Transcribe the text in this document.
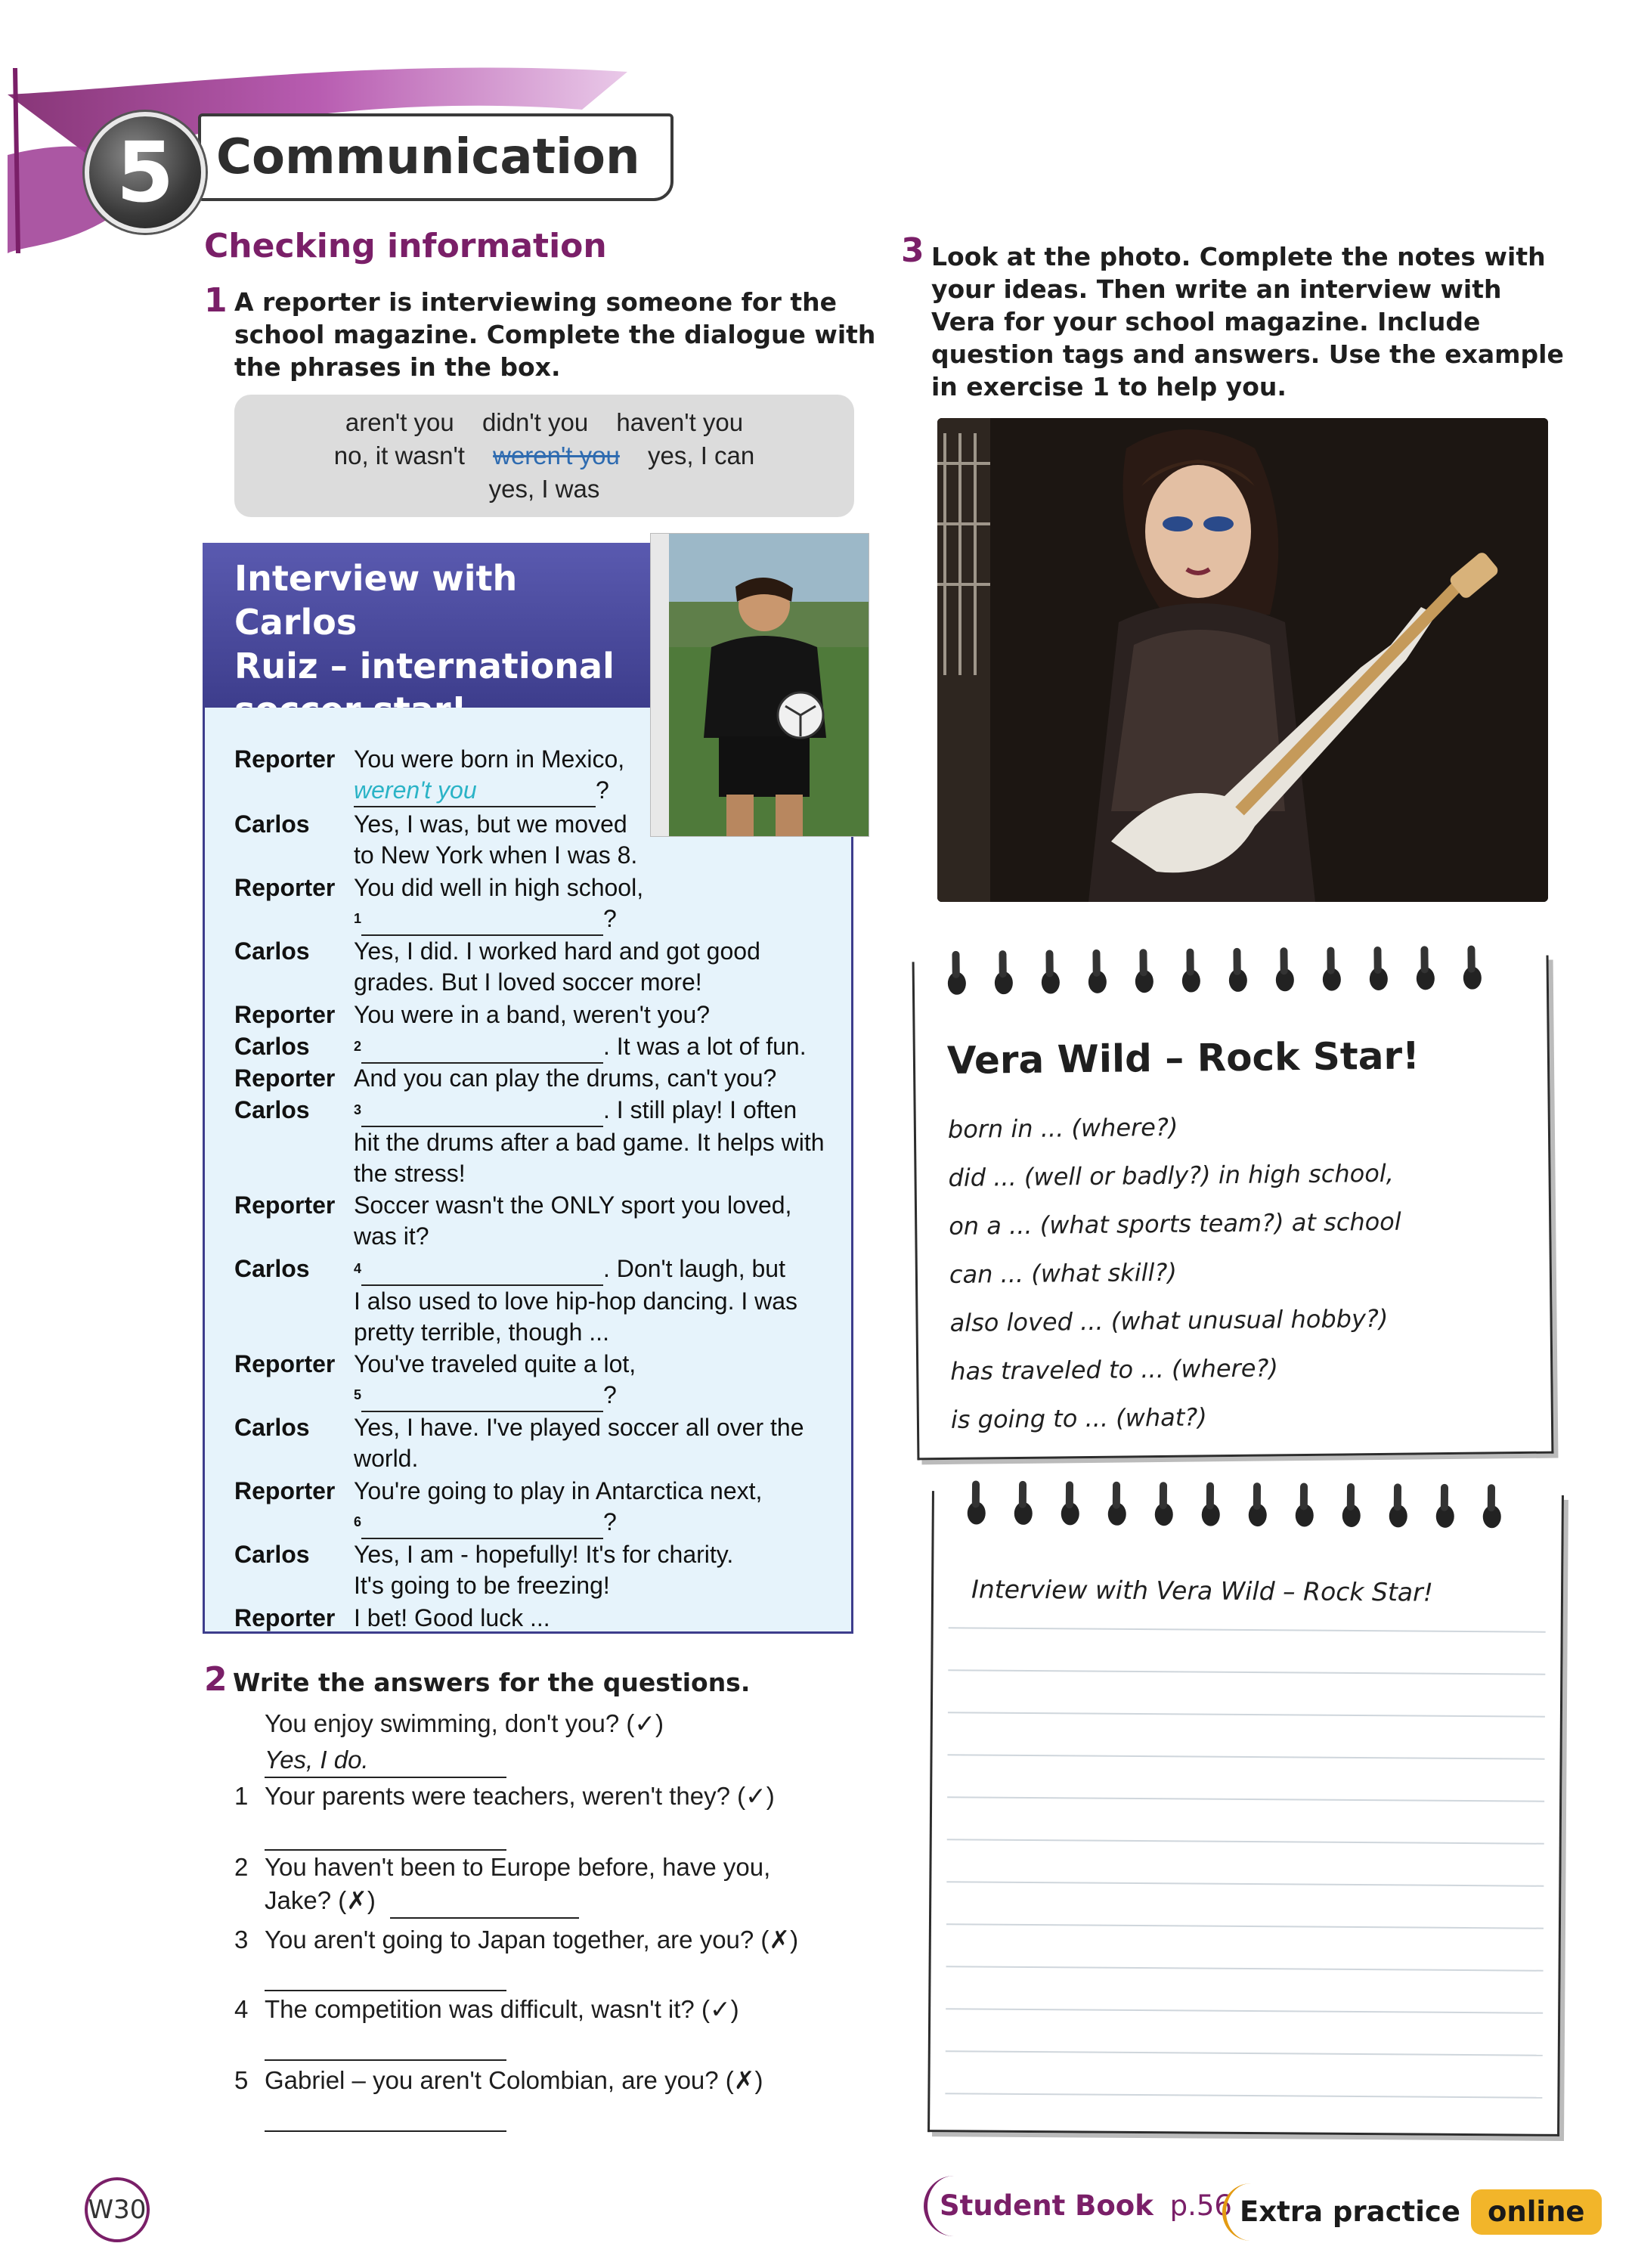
Communication
5
Checking information
1 A reporter is interviewing someone for the
school magazine. Complete the dialogue with
the phrases in the box.
aren't you didn't you haven't you
no, it wasn't weren't you yes, I can
yes, I was
Interview with Carlos
Ruiz – international
Reporter You were born in Mexico,
weren't you	?
Carlos Yes, I was, but we moved
to New York when I was 8.
Reporter You did well in high school,
$^1$	?
Carlos Yes, I did. I worked hard and got good
grades. But I loved soccer more!
Reporter You were in a band, weren't you?
Carlos	$^2$	. It was a lot of fun.
Reporter And you can play the drums, can't you?
Carlos	$^3$	. I still play! I often
hit the drums after a bad game. It helps with
the stress!
Reporter Soccer wasn't the ONLY sport you loved,
was it?
Carlos	$^4$	. Don't laugh, but
I also used to love hip-hop dancing. I was
pretty terrible, though ...
Reporter You've traveled quite a lot,
$^5$	?
Carlos Yes, I have. I've played soccer all over the
world.
Reporter You're going to play in Antarctica next,
$^6$	?
Carlos Yes, I am - hopefully! It's for charity.
It's going to be freezing!
Reporter I bet! Good luck ...
2 Write the answers for the questions.
You enjoy swimming, don't you? (✓)
Yes, I do.
1 Your parents were teachers, weren't they? (✓)
2 You haven't been to Europe before, have you,
Jake? (✗)
3 You aren't going to Japan together, are you? (✗)
4 The competition was difficult, wasn't it? (✓)
5 Gabriel – you aren't Colombian, are you? (✗)
3 Look at the photo. Complete the notes with
your ideas. Then write an interview with
Vera for your school magazine. Include
question tags and answers. Use the example
in exercise 1 to help you.
Vera Wild – Rock Star!
born in ... (where?)
did ... (well or badly?) in high school,
on a ... (what sports team?) at school
can ... (what skill?)
also loved ... (what unusual hobby?)
has traveled to ... (where?)
is going to ... (what?)
Interview with Vera Wild – Rock Star!
W30	Student Book p.56 Extra practice online
